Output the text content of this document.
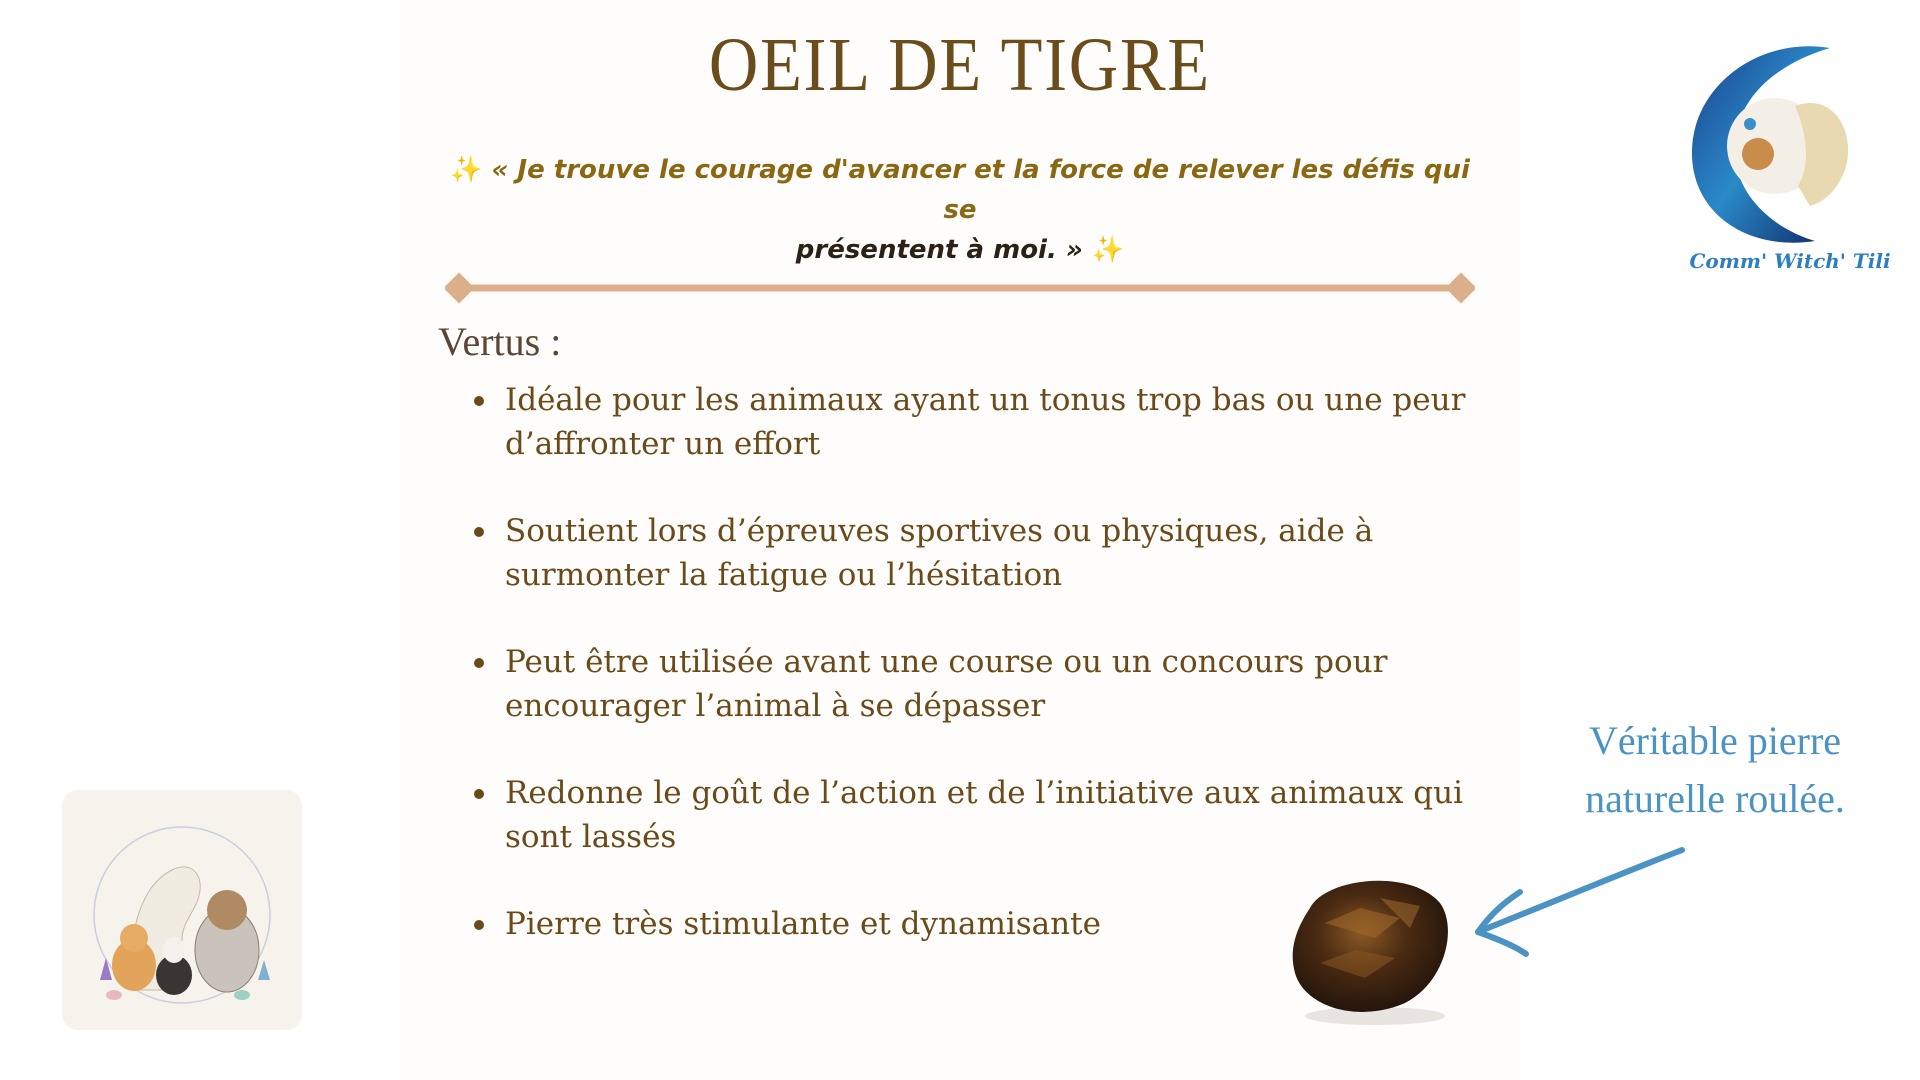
OEIL DE TIGRE
✨ « Je trouve le courage d'avancer et la force de relever les défis qui se
présentent à moi. » ✨
Vertus :
Idéale pour les animaux ayant un tonus trop bas ou une peur d’affronter un effort
Soutient lors d’épreuves sportives ou physiques, aide à surmonter la fatigue ou l’hésitation
Peut être utilisée avant une course ou un concours pour encourager l’animal à se dépasser
Redonne le goût de l’action et de l’initiative aux animaux qui sont lassés
Pierre très stimulante et dynamisante
Véritable pierre
naturelle roulée.
Comm' Witch' Tili
